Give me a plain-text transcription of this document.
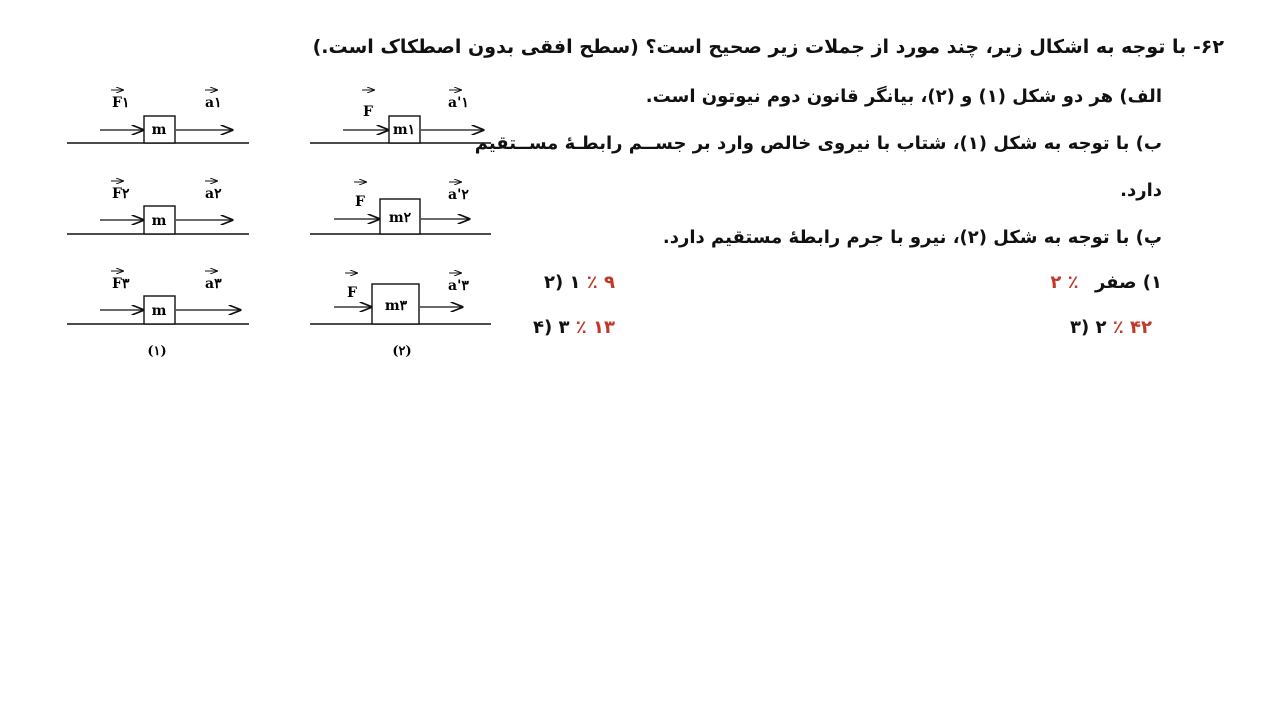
۶۲- با توجه به اشکال زیر، چند مورد از جملات زیر صحیح است؟ (سطح افقی بدون اصطکاک است.)
الف) هر دو شکل (۱) و (۲)، بیانگر قانون دوم نیوتون است.
ب) با توجه به شکل (۱)، شتاب با نیروی خالص وارد بر جســم رابطـۀ مســتقیم
دارد.
پ) با توجه به شکل (۲)، نیرو با جرم رابطهٔ مستقیم دارد.
۱) صفر ٪ ۲
۲) ۱ ٪ ۹
۳) ۲ ٪ ۴۲
۴) ۳ ٪ ۱۳
m
F۱	a۱
m
F۲	a۲
m
F۳	a۳
(۱)
m۱
F
a'۱
m۲
F	a'۲
m۳
F	a'۳
(۲)
